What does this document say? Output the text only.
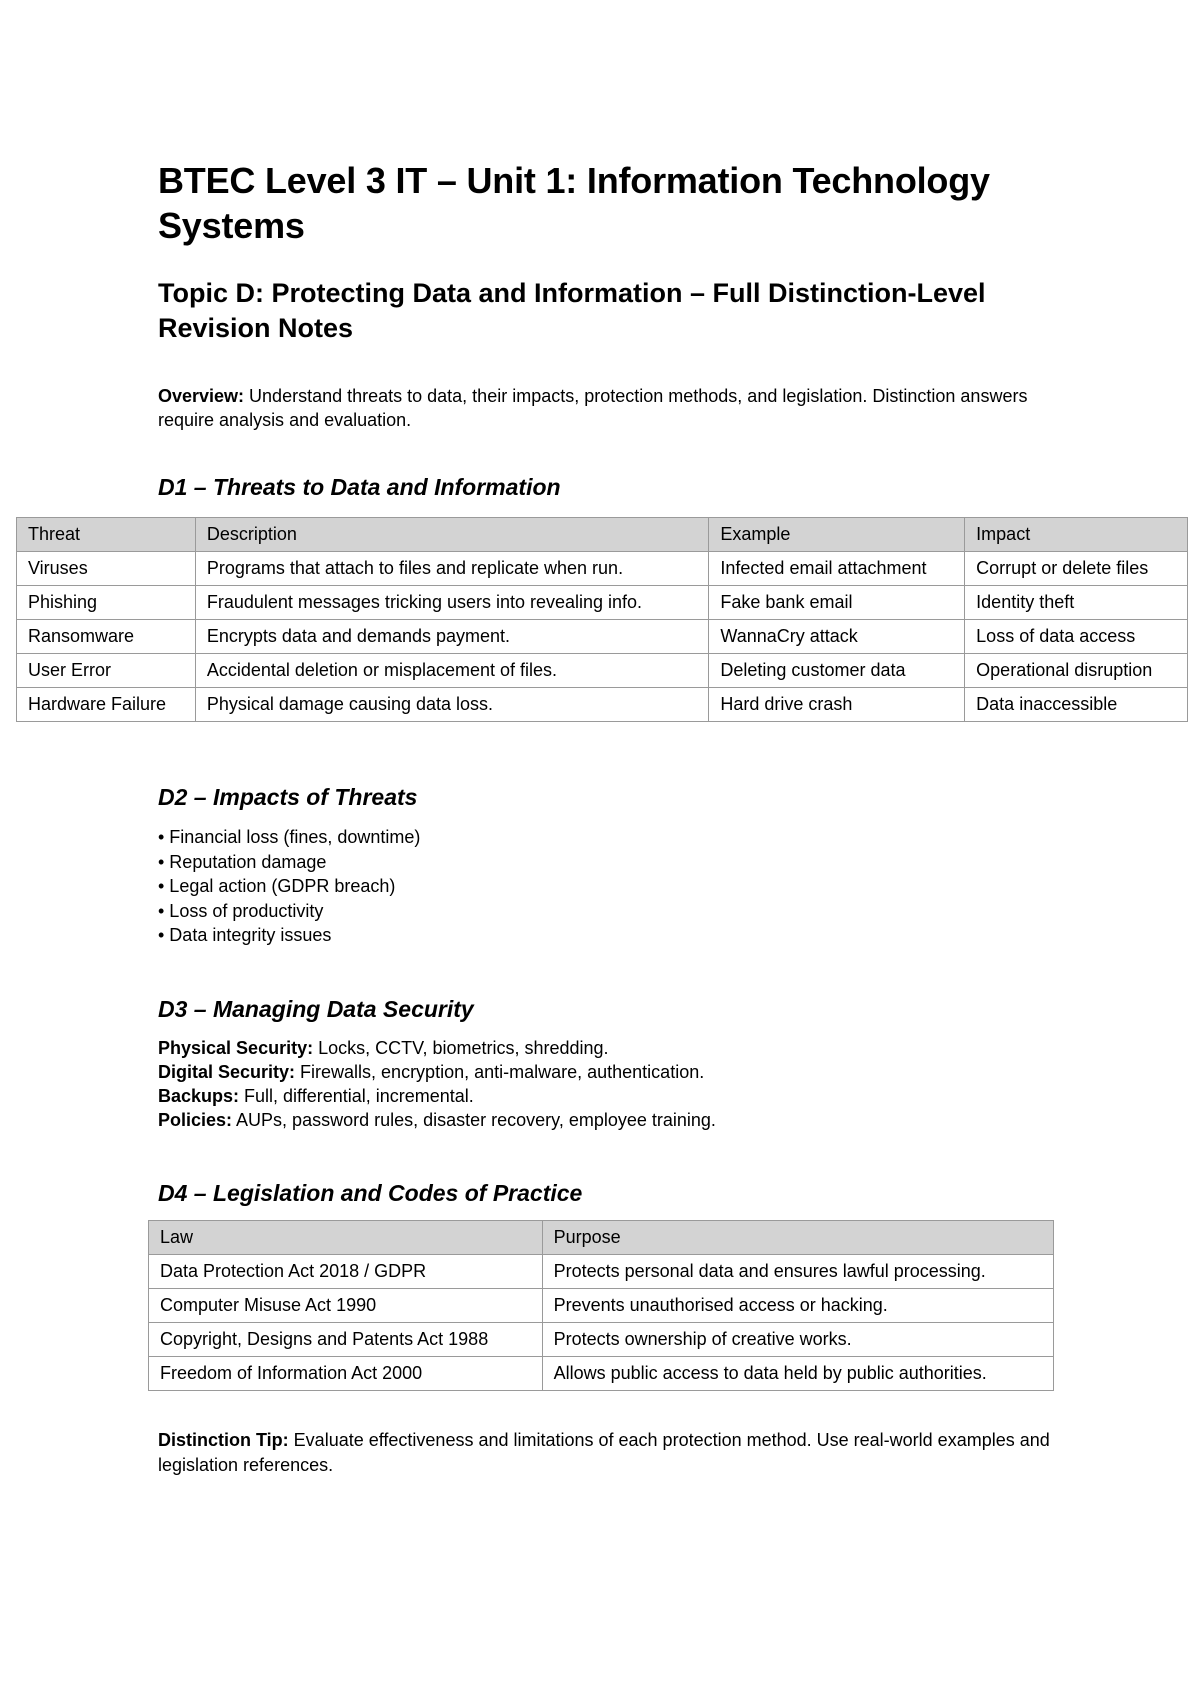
BTEC Level 3 IT – Unit 1: Information Technology Systems
Topic D: Protecting Data and Information – Full Distinction-Level Revision Notes

Overview: Understand threats to data, their impacts, protection methods, and legislation. Distinction answers require analysis and evaluation.

D1 – Threats to Data and Information
Threat	Description	Example	Impact
Viruses	Programs that attach to files and replicate when run.	Infected email attachment	Corrupt or delete files
Phishing	Fraudulent messages tricking users into revealing info.	Fake bank email	Identity theft
Ransomware	Encrypts data and demands payment.	WannaCry attack	Loss of data access
User Error	Accidental deletion or misplacement of files.	Deleting customer data	Operational disruption
Hardware Failure	Physical damage causing data loss.	Hard drive crash	Data inaccessible
D2 – Impacts of Threats
• Financial loss (fines, downtime)
• Reputation damage
• Legal action (GDPR breach)
• Loss of productivity
• Data integrity issues
D3 – Managing Data Security
Physical Security: Locks, CCTV, biometrics, shredding.
Digital Security: Firewalls, encryption, anti-malware, authentication.
Backups: Full, differential, incremental.
Policies: AUPs, password rules, disaster recovery, employee training.
D4 – Legislation and Codes of Practice
Law	Purpose
Data Protection Act 2018 / GDPR	Protects personal data and ensures lawful processing.
Computer Misuse Act 1990	Prevents unauthorised access or hacking.
Copyright, Designs and Patents Act 1988	Protects ownership of creative works.
Freedom of Information Act 2000	Allows public access to data held by public authorities.

Distinction Tip: Evaluate effectiveness and limitations of each protection method. Use real-world examples and legislation references.
